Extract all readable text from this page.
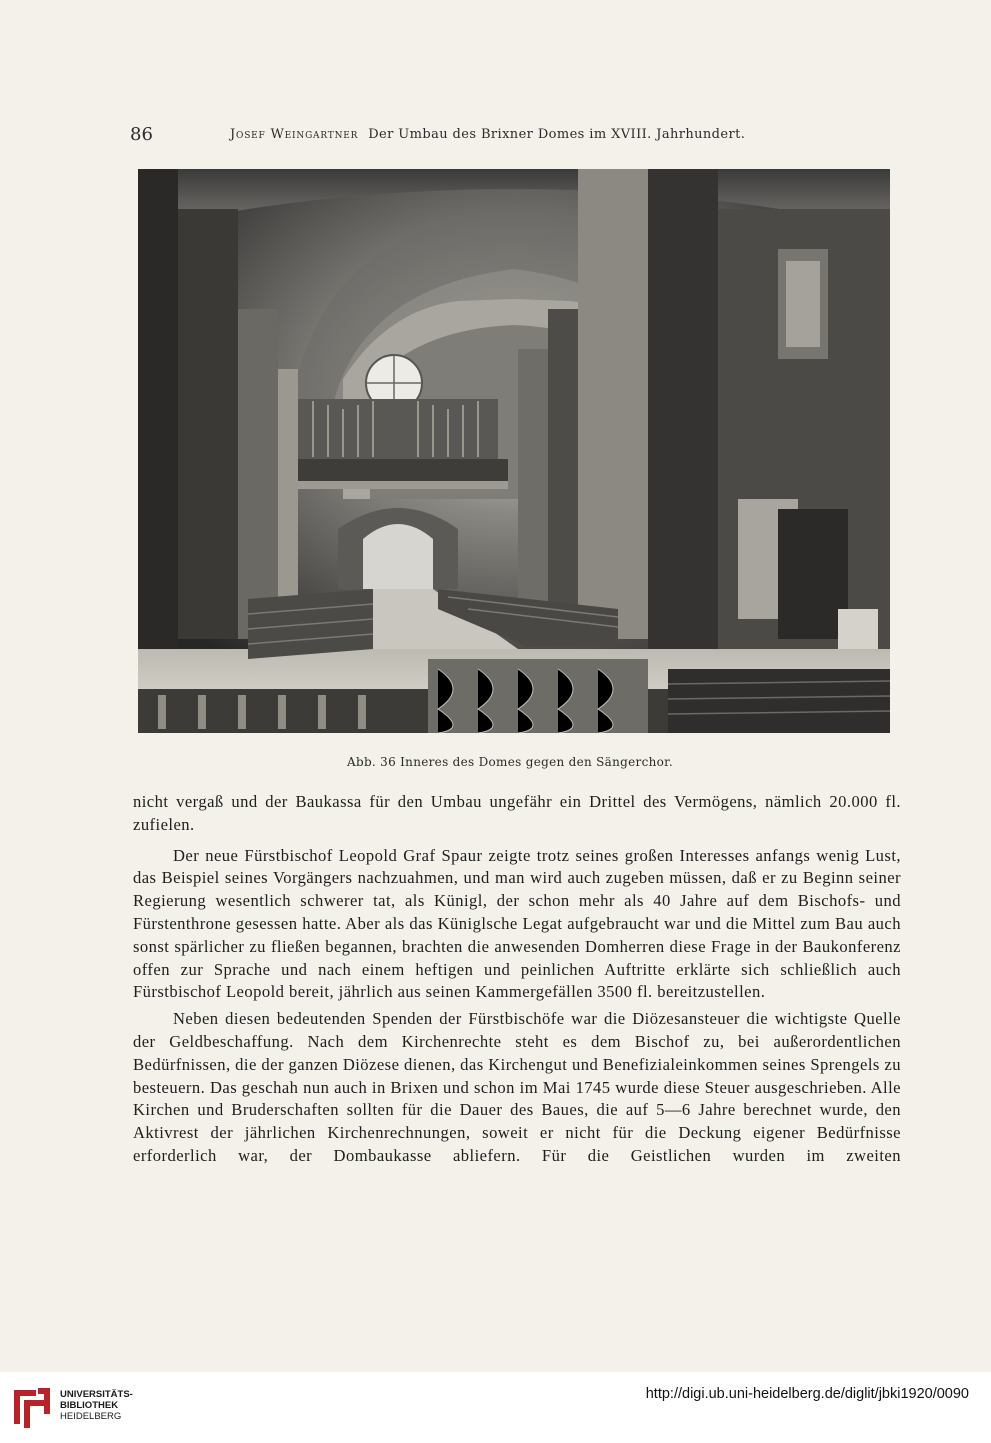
86	Josef Weingartner Der Umbau des Brixner Domes im XVIII. Jahrhundert.
Abb. 36 Inneres des Domes gegen den Sängerchor.

nicht vergaß und der Baukassa für den Umbau ungefähr ein Drittel des Vermögens, nämlich 20.000 fl. zufielen.

Der neue Fürstbischof Leopold Graf Spaur zeigte trotz seines großen Interesses anfangs wenig Lust, das Beispiel seines Vorgängers nachzuahmen, und man wird auch zugeben müssen, daß er zu Beginn seiner Regierung wesentlich schwerer tat, als Künigl, der schon mehr als 40 Jahre auf dem Bischofs- und Fürstenthrone gesessen hatte. Aber als das Küniglsche Legat aufgebraucht war und die Mittel zum Bau auch sonst spärlicher zu fließen begannen, brachten die anwesenden Domherren diese Frage in der Baukonferenz offen zur Sprache und nach einem heftigen und peinlichen Auftritte erklärte sich schließlich auch Fürstbischof Leopold bereit, jährlich aus seinen Kammergefällen 3500 fl. bereitzustellen.

Neben diesen bedeutenden Spenden der Fürstbischöfe war die Diözesansteuer die wichtigste Quelle der Geldbeschaffung. Nach dem Kirchenrechte steht es dem Bischof zu, bei außerordentlichen Bedürfnissen, die der ganzen Diözese dienen, das Kirchengut und Benefizialeinkommen seines Sprengels zu besteuern. Das geschah nun auch in Brixen und schon im Mai 1745 wurde diese Steuer ausgeschrieben. Alle Kirchen und Bruderschaften sollten für die Dauer des Baues, die auf 5—6 Jahre berechnet wurde, den Aktivrest der jährlichen Kirchenrechnungen, soweit er nicht für die Deckung eigener Bedürfnisse erforderlich war, der Dombaukasse abliefern. Für die Geistlichen wurden im zweiten

UNIVERSITÄTS-
BIBLIOTHEK
HEIDELBERG
http://digi.ub.uni-heidelberg.de/diglit/jbki1920/0090
